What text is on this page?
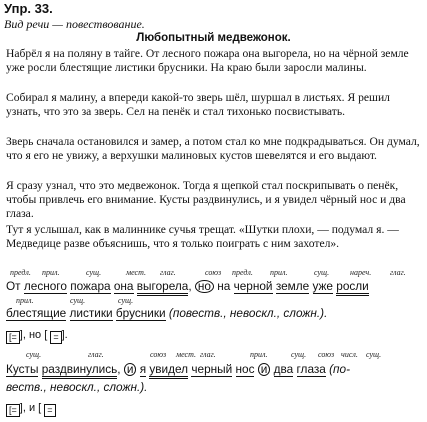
Упр. 33.
Вид речи — повествование.
Любопытный медвежонок.
Набрёл я на поляну в тайге. От лесного пожара она выгорела, но на чёрной земле уже росли блестящие листики брусники. На краю были заросли малины.
Собирал я малину, а впереди какой-то зверь шёл, шуршал в листьях. Я решил узнать, что это за зверь. Сел на пенёк и стал тихонько посвистывать.
Зверь сначала остановился и замер, а потом стал ко мне подкрадываться. Он думал, что я его не увижу, а верхушки малиновых кустов шевелятся и его выдают.
Я сразу узнал, что это медвежонок. Тогда я щепкой стал поскрипывать о пенёк, чтобы привлечь его внимание. Кусты раздвинулись, и я увидел чёрный нос и два глаза.
Тут я услышал, как в малиннике сучья трещат. «Шутки плохи, — подумал я. — Медведице разве объяснишь, что я только поиграть с ним захотел».
предл. прил.	сущ.	мест. глаг.	союз предл. прил.	сущ.	нареч. глаг.
От лесного пожара она выгорела, но на черной земле уже росли
прил.	сущ.	сущ.
блестящие листики брусники (повеств., невоскл., сложн.).
[= ], но [ = ].
сущ.	глаг.	союз мест. глаг.	прил.	сущ. союз числ. сущ.
Кусты раздвинулись, и я увидел черный нос и два глаза (по-
веств., невоскл., сложн.).
[= ], и [ =
